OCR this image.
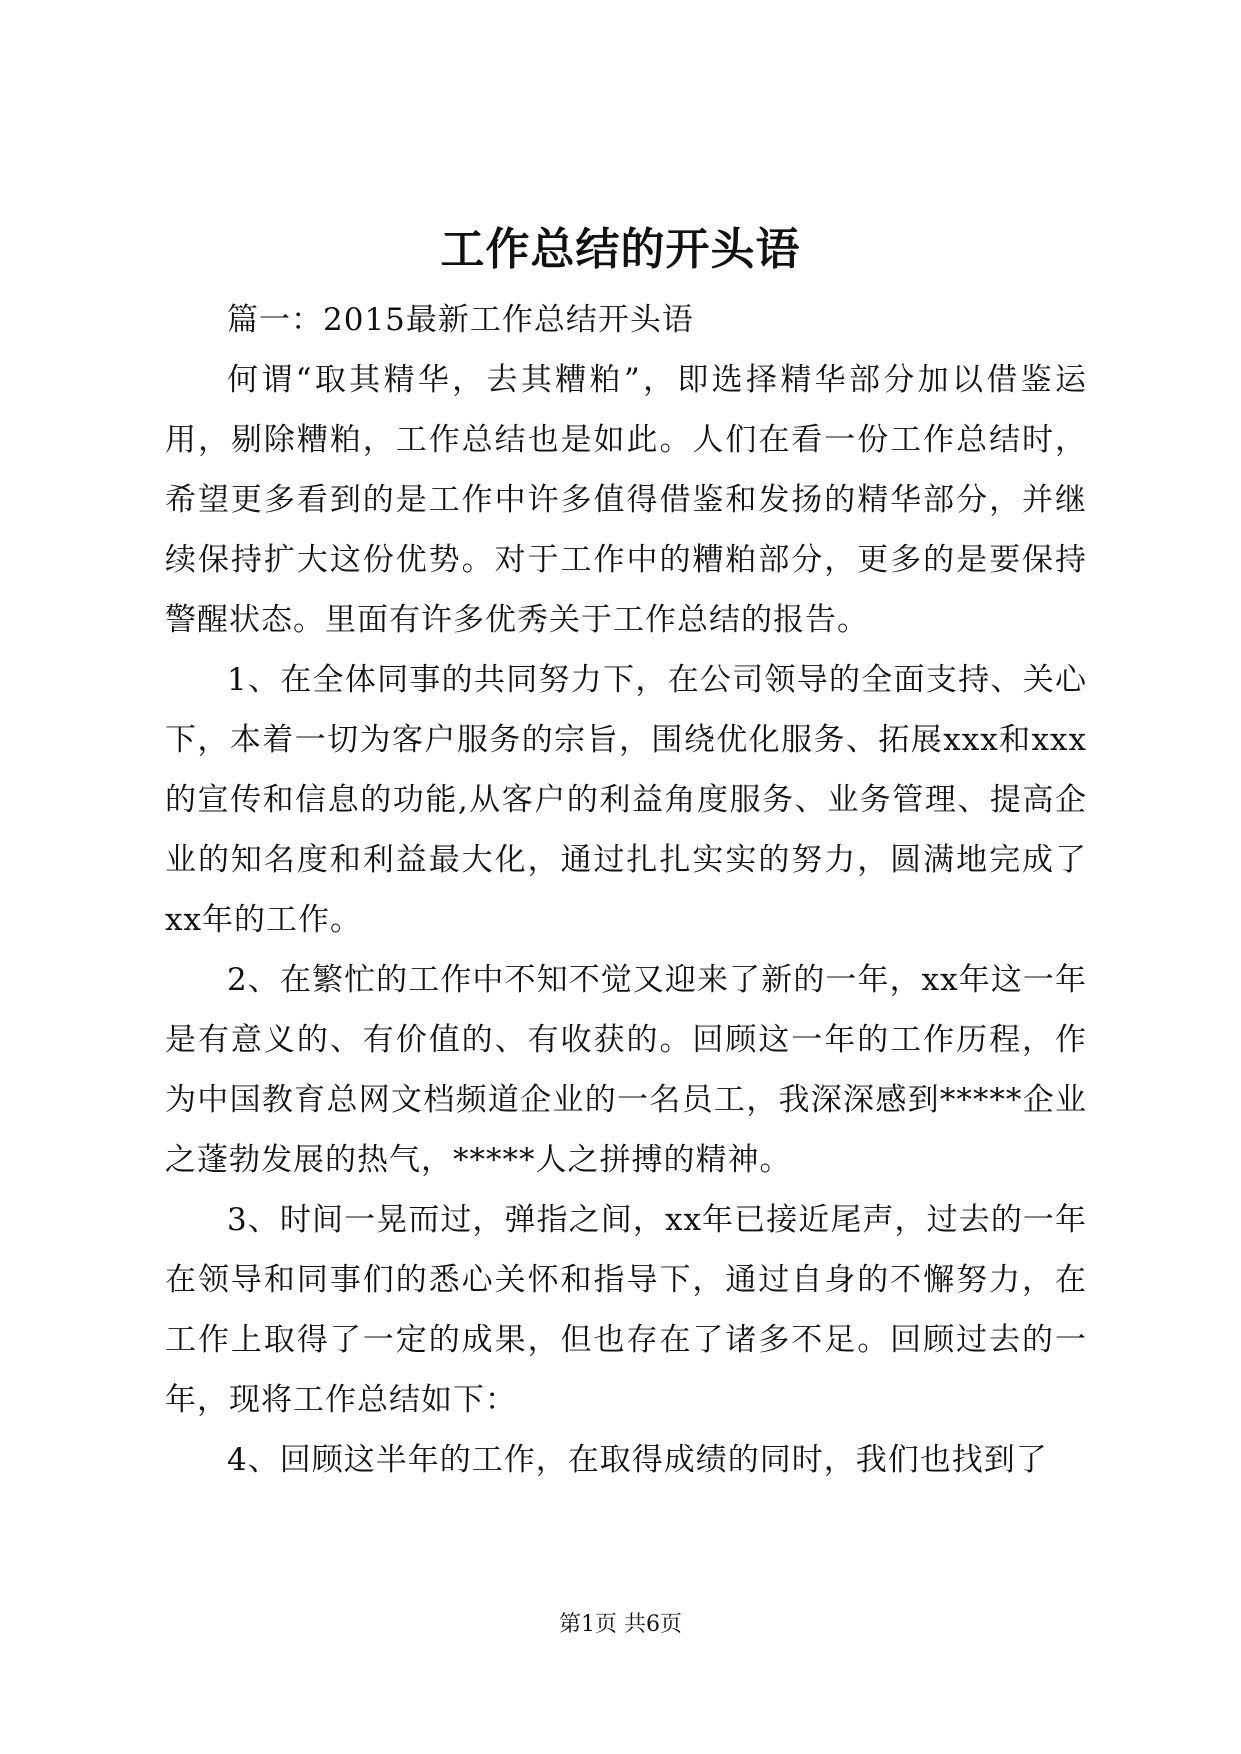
工作总结的开头语

篇一：2015最新工作总结开头语

何谓“取其精华，去其糟粕”，即选择精华部分加以借鉴运用，剔除糟粕，工作总结也是如此。人们在看一份工作总结时，希望更多看到的是工作中许多值得借鉴和发扬的精华部分，并继续保持扩大这份优势。对于工作中的糟粕部分，更多的是要保持警醒状态。里面有许多优秀关于工作总结的报告。

1、在全体同事的共同努力下，在公司领导的全面支持、关心下，本着一切为客户服务的宗旨，围绕优化服务、拓展xxx和xxx的宣传和信息的功能,从客户的利益角度服务、业务管理、提高企业的知名度和利益最大化，通过扎扎实实的努力，圆满地完成了xx年的工作。

2、在繁忙的工作中不知不觉又迎来了新的一年，xx年这一年是有意义的、有价值的、有收获的。回顾这一年的工作历程，作为中国教育总网文档频道企业的一名员工，我深深感到*****企业之蓬勃发展的热气，*****人之拼搏的精神。

3、时间一晃而过，弹指之间，xx年已接近尾声，过去的一年在领导和同事们的悉心关怀和指导下，通过自身的不懈努力，在工作上取得了一定的成果，但也存在了诸多不足。回顾过去的一年，现将工作总结如下：

4、回顾这半年的工作，在取得成绩的同时，我们也找到了

第1页 共6页
